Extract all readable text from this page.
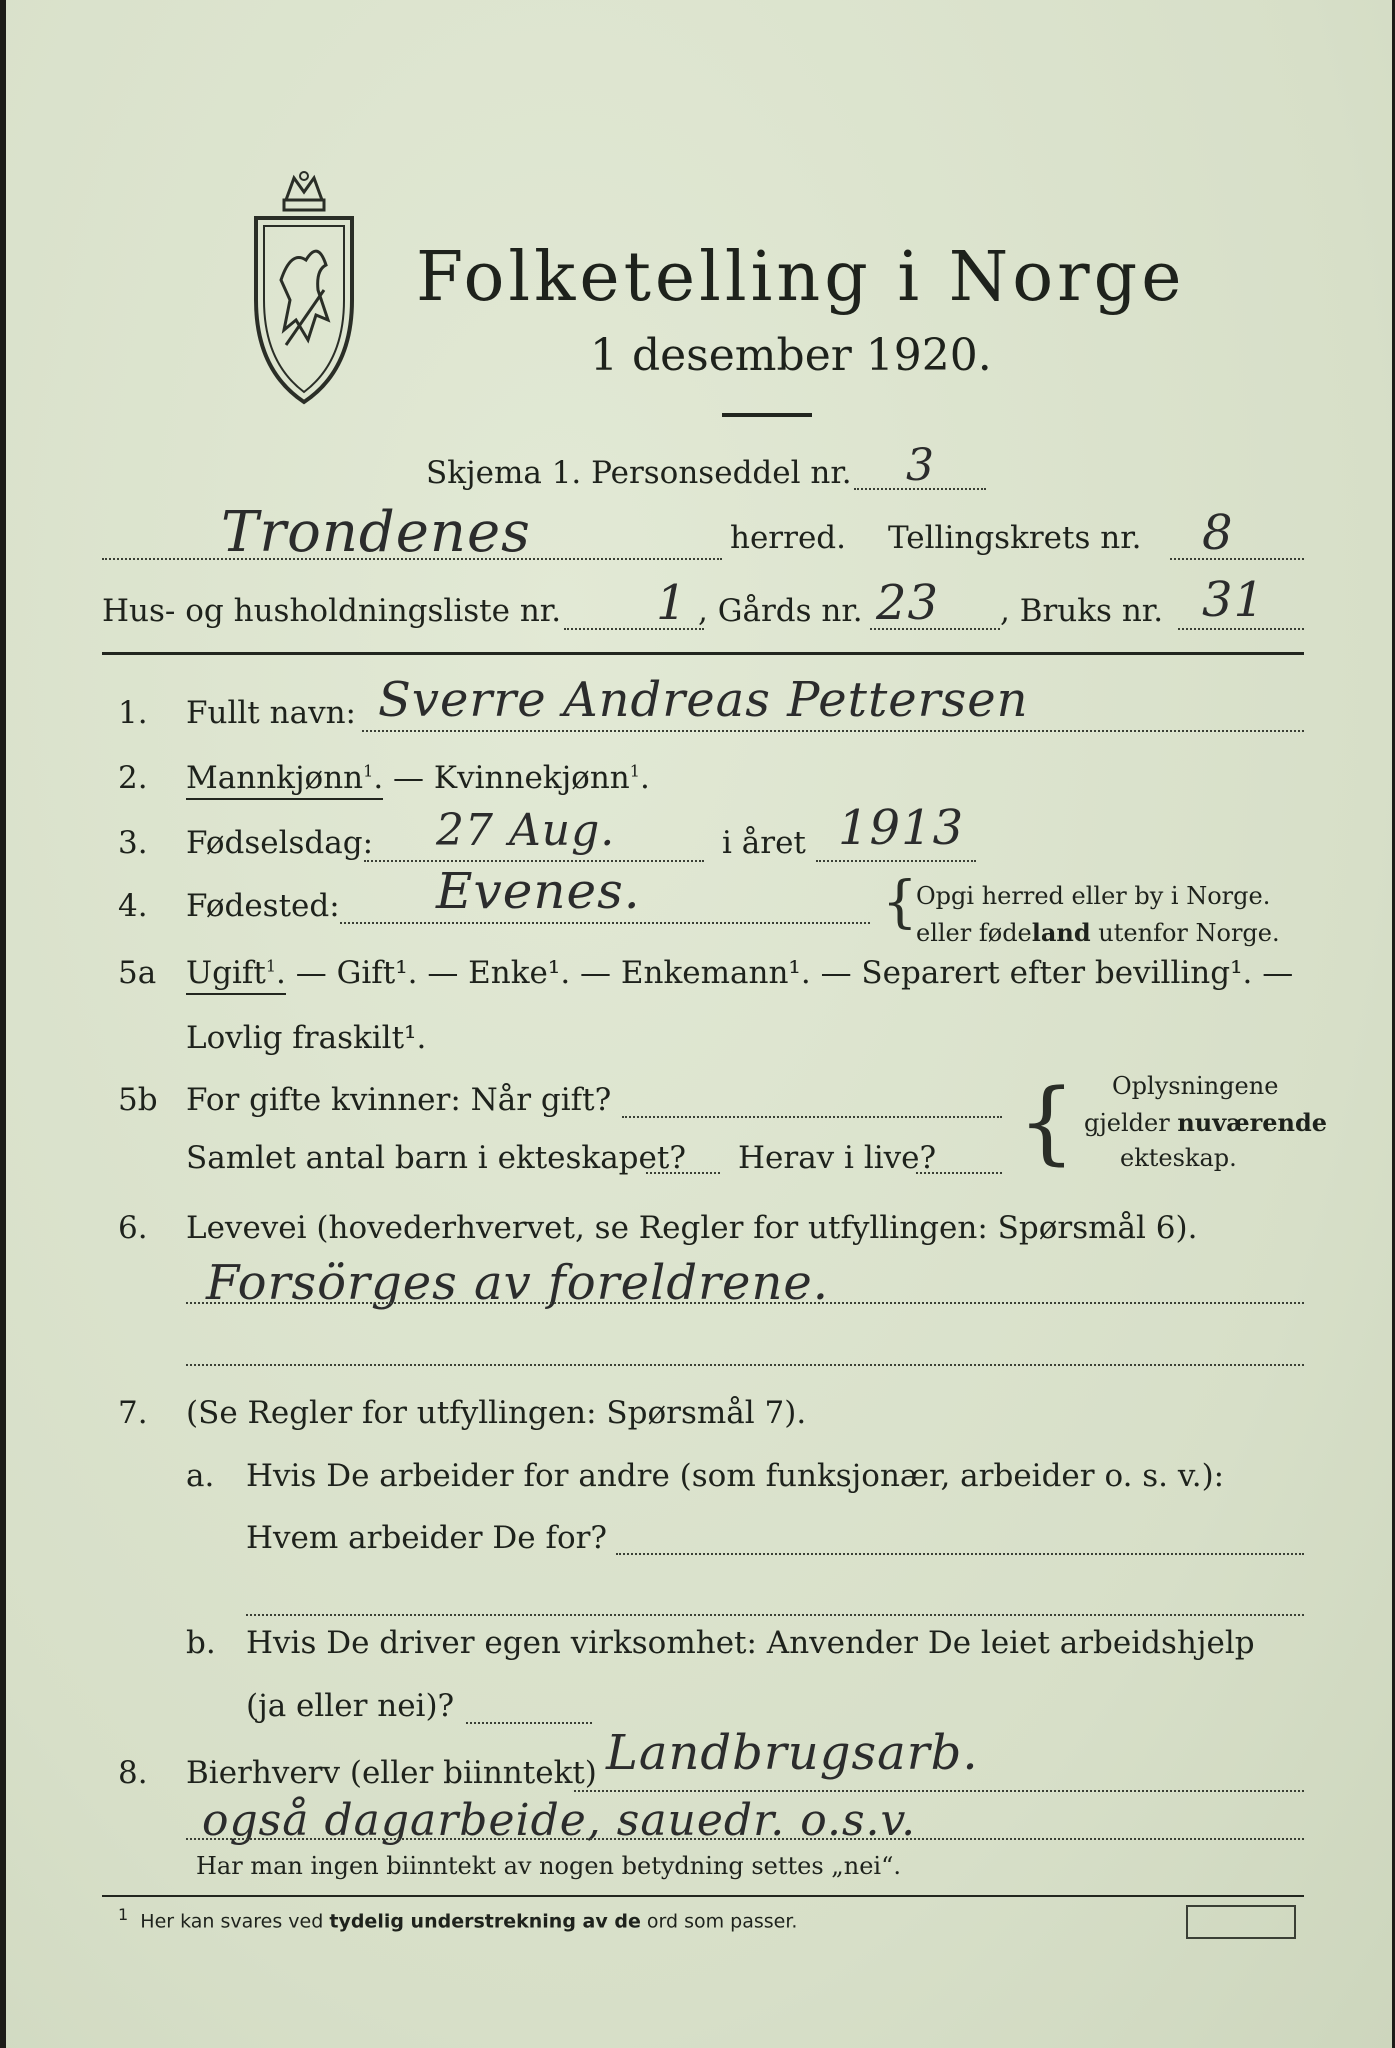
Folketelling i Norge
1 desember 1920.
Skjema 1. Personseddel nr. 3
Trondenes	herred. Tellingskrets nr. 8
Hus- og husholdningsliste nr. 1 , Gårds nr. 23 , Bruks nr. 31
1. Fullt navn: Sverre Andreas Pettersen
2. Mannkjønn$^1$. — Kvinnekjønn$^1$.
3. Fødselsdag: 27 Aug.	i året 1913
4. Fødested: Evenes.	{
Opgi herred eller by i Norge.
eller fødeland utenfor Norge.
5a Ugift$^1$. — Gift¹. — Enke¹. — Enkemann¹. — Separert efter bevilling¹. —
Lovlig fraskilt¹.
5b For gifte kvinner: Når gift?
Samlet antal barn i ekteskapet? Herav i live? { Oplysningene
gjelder nuværende
ekteskap.
6. Levevei (hovederhvervet, se Regler for utfyllingen: Spørsmål 6).
Forsörges av foreldrene.
7. (Se Regler for utfyllingen: Spørsmål 7).
a. Hvis De arbeider for andre (som funksjonær, arbeider o. s. v.):
Hvem arbeider De for?
b. Hvis De driver egen virksomhet: Anvender De leiet arbeidshjelp
(ja eller nei)?
8. Bierhverv (eller biinntekt) Landbrugsarb.
også dagarbeide, sauedr. o.s.v.
Har man ingen biinntekt av nogen betydning settes „nei“.
$^1$ Her kan svares ved tydelig understrekning av de ord som passer.
